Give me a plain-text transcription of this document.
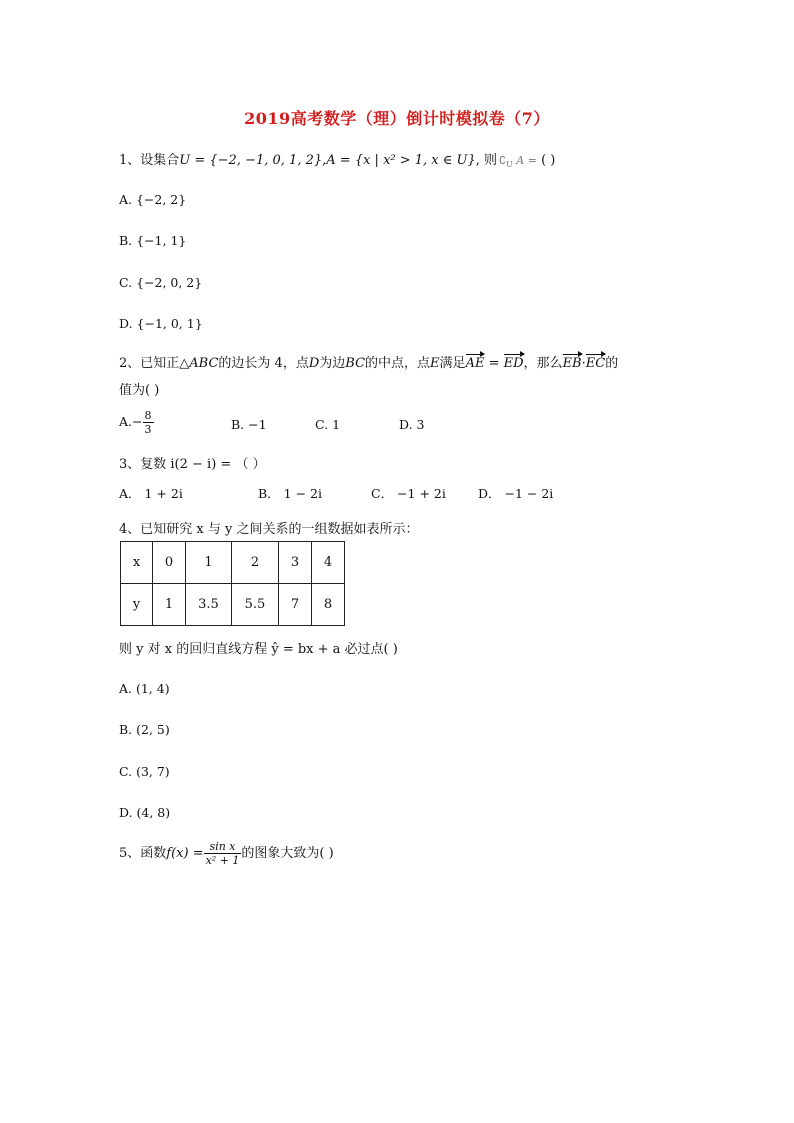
2019高考数学（理）倒计时模拟卷（7）
1、设集合U = {−2, −1, 0, 1, 2},A = {x | x² > 1, x ∈ U}, 则 $∁_U$ A = ( )
A. {−2, 2}
B. {−1, 1}
C. {−2, 0, 2}
D. {−1, 0, 1}
2、已知正△ABC的边长为 4，点D为边BC的中点，点E满足AE = ED，那么EB·EC的
值为( )
$A.- \frac{8}{3}$	B. −1	C. 1	D. 3
3、复数 i(2 − i) = （ ）
A． 1 + 2i	B． 1 − 2i	C． −1 + 2i	D． −1 − 2i
4、已知研究 x 与 y 之间关系的一组数据如表所示：
x	0	1	2	3	4
y	1	3.5	5.5	7	8
则 y 对 x 的回归直线方程 ŷ = bx + a 必过点( )
A. (1, 4)
B. (2, 5)
C. (3, 7)
D. (4, 8)
5、函数$f(x) = \frac{\text{sin x}}{\text{x² + 1}}$ 的图象大致为( )
